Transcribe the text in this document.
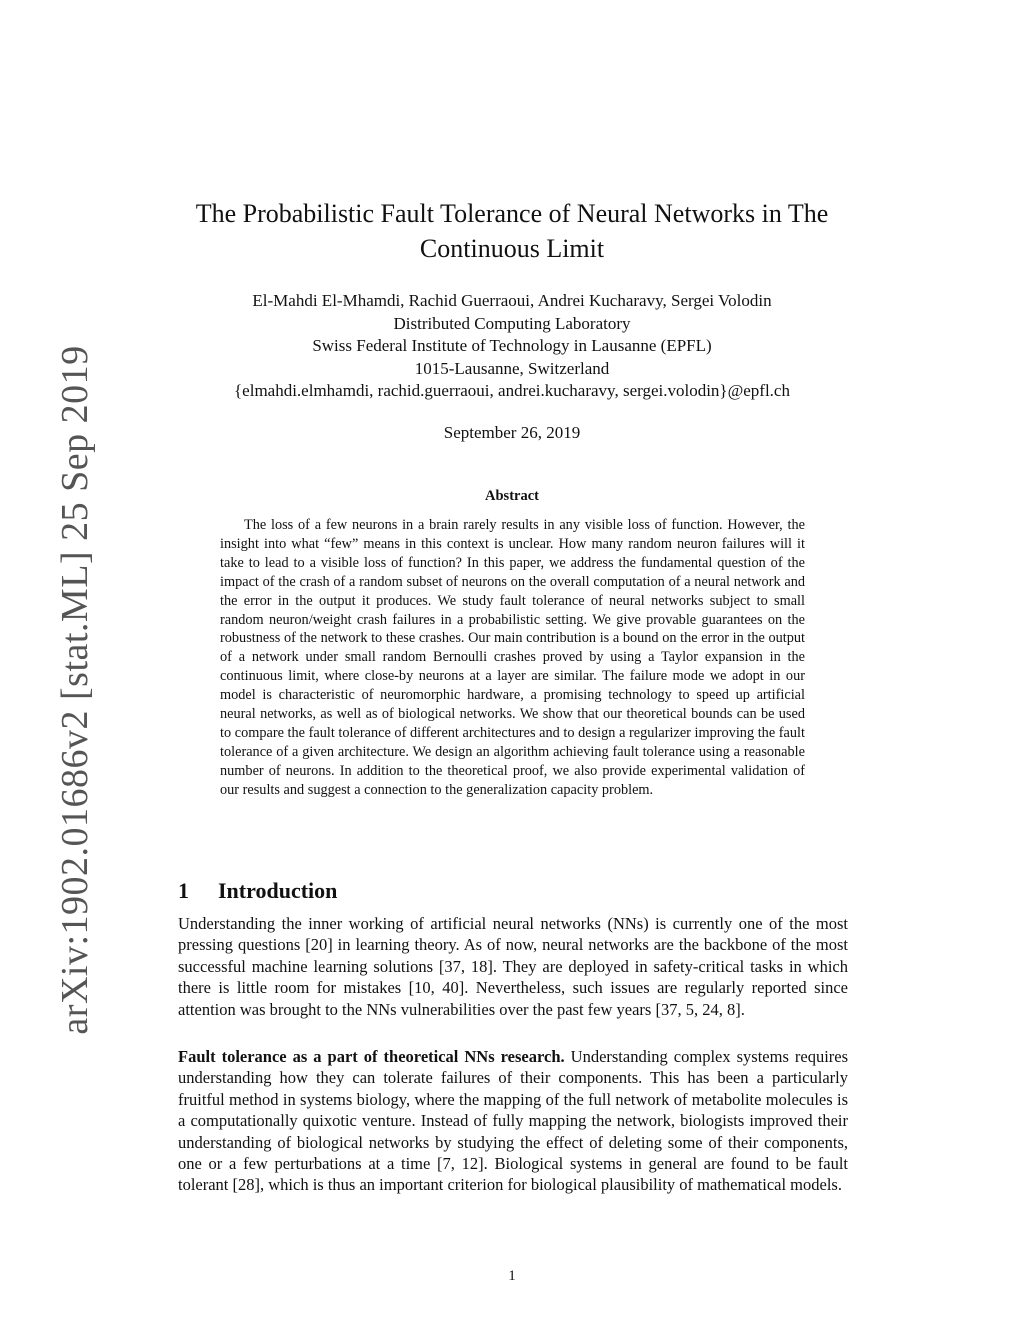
arXiv:1902.01686v2 [stat.ML] 25 Sep 2019
The Probabilistic Fault Tolerance of Neural Networks in The Continuous Limit
El-Mahdi El-Mhamdi, Rachid Guerraoui, Andrei Kucharavy, Sergei Volodin
Distributed Computing Laboratory
Swiss Federal Institute of Technology in Lausanne (EPFL)
1015-Lausanne, Switzerland
{elmahdi.elmhamdi, rachid.guerraoui, andrei.kucharavy, sergei.volodin}@epfl.ch
September 26, 2019
Abstract

The loss of a few neurons in a brain rarely results in any visible loss of function. However, the insight into what “few” means in this context is unclear. How many random neuron failures will it take to lead to a visible loss of function? In this paper, we address the fundamental question of the impact of the crash of a random subset of neurons on the overall computation of a neural network and the error in the output it produces. We study fault tolerance of neural networks subject to small random neuron/weight crash failures in a probabilistic setting. We give provable guarantees on the robustness of the network to these crashes. Our main contribution is a bound on the error in the output of a network under small random Bernoulli crashes proved by using a Taylor expansion in the continuous limit, where close-by neurons at a layer are similar. The failure mode we adopt in our model is characteristic of neuromorphic hardware, a promising technology to speed up artificial neural networks, as well as of biological networks. We show that our theoretical bounds can be used to compare the fault tolerance of different architectures and to design a regularizer improving the fault tolerance of a given architecture. We design an algorithm achieving fault tolerance using a reasonable number of neurons. In addition to the theoretical proof, we also provide experimental validation of our results and suggest a connection to the generalization capacity problem.

1 Introduction

Understanding the inner working of artificial neural networks (NNs) is currently one of the most pressing questions [20] in learning theory. As of now, neural networks are the backbone of the most successful machine learning solutions [37, 18]. They are deployed in safety-critical tasks in which there is little room for mistakes [10, 40]. Nevertheless, such issues are regularly reported since attention was brought to the NNs vulnerabilities over the past few years [37, 5, 24, 8].

Fault tolerance as a part of theoretical NNs research. Understanding complex systems requires understanding how they can tolerate failures of their components. This has been a particularly fruitful method in systems biology, where the mapping of the full network of metabolite molecules is a computationally quixotic venture. Instead of fully mapping the network, biologists improved their understanding of biological networks by studying the effect of deleting some of their components, one or a few perturbations at a time [7, 12]. Biological systems in general are found to be fault tolerant [28], which is thus an important criterion for biological plausibility of mathematical models.

1
